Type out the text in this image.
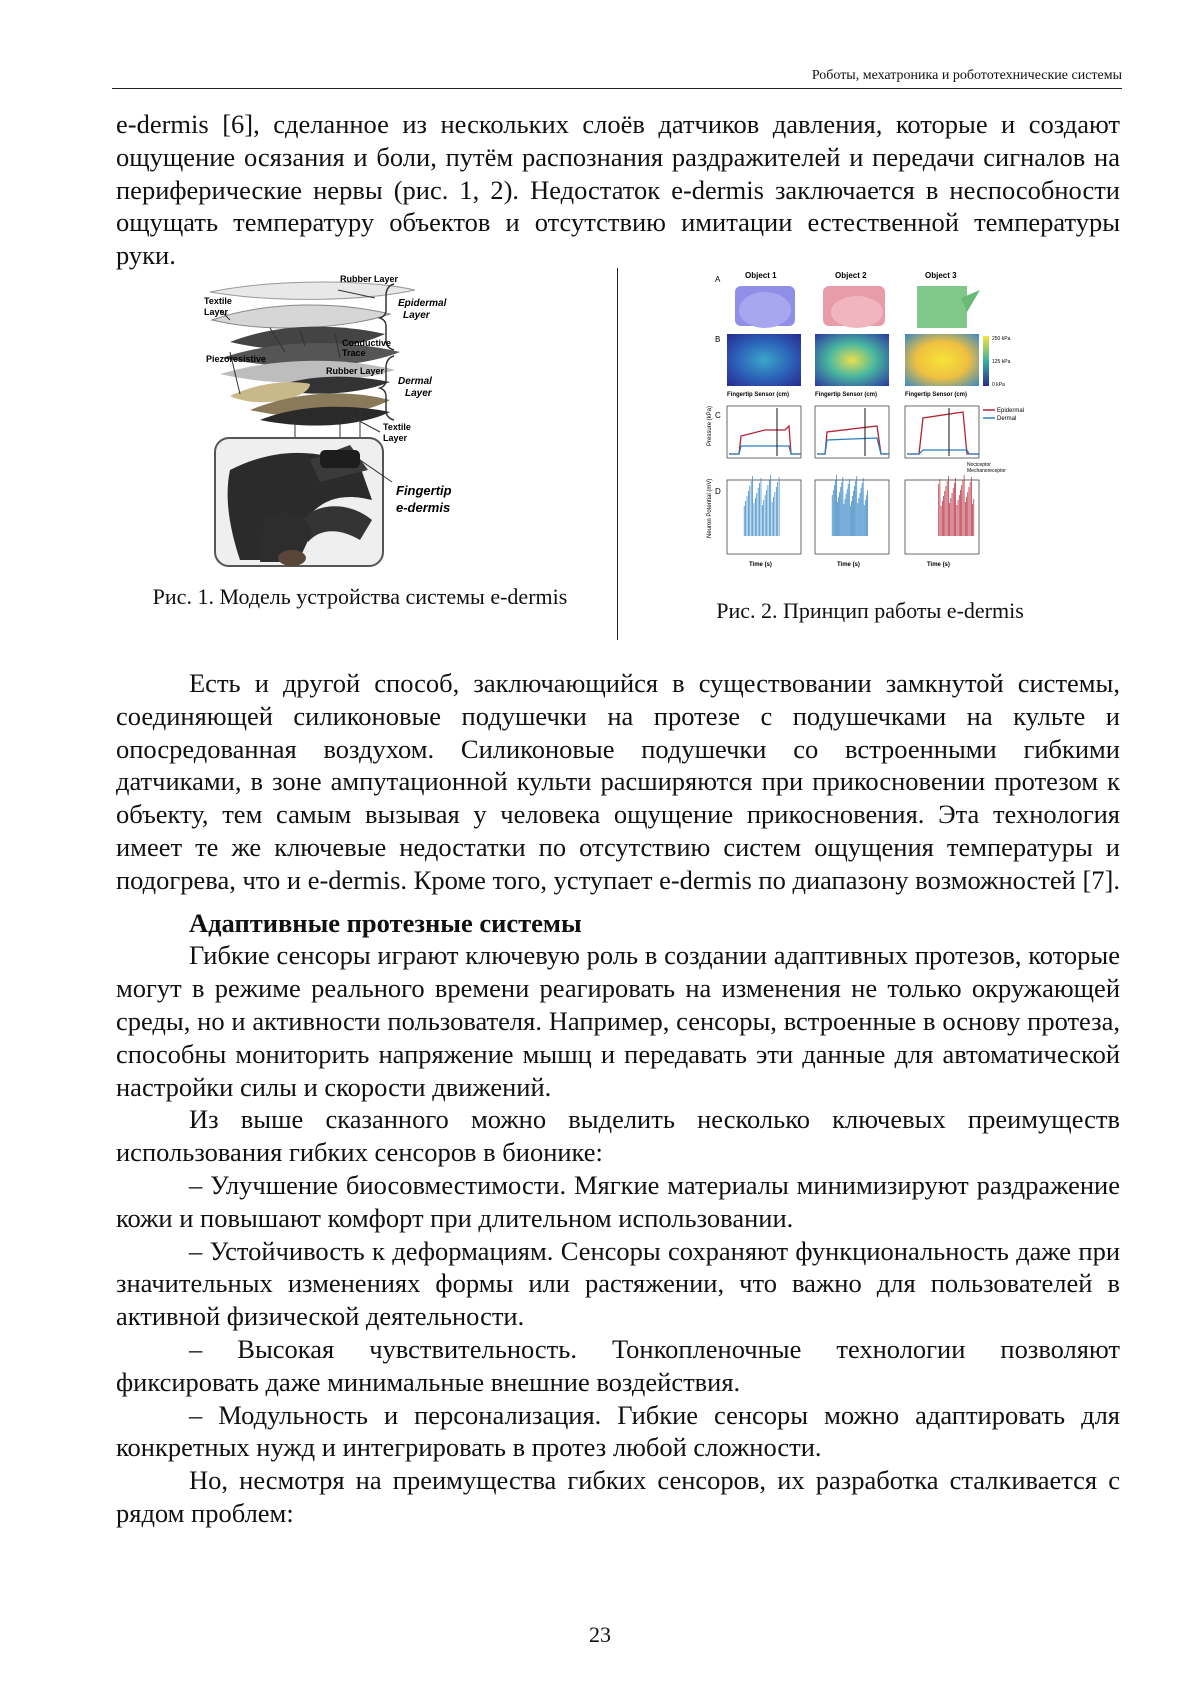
Роботы, мехатроника и робототехнические системы

e-dermis [6], сделанное из нескольких слоёв датчиков давления, которые и создают ощущение осязания и боли, путём распознания раздражителей и передачи сигналов на периферические нервы (рис. 1, 2). Недостаток e-dermis заключается в неспособности ощущать температуру объектов и отсутствию имитации естественной температуры руки.

Rubber Layer
Epidermal
Layer
Textile
Layer
Conductive
Trace
Piezoresistive
Rubber Layer
Dermal
Layer
Textile
Layer
Fingertip
e-dermis
A
B
C
D
Object 1	Object 2	Object 3
250 kPa
125 kPa
0 kPa
Fingertip Sensor (cm)	Fingertip Sensor (cm)	Fingertip Sensor (cm)
Pressure (kPa)	Epidermal
Dermal
Nociceptor
Mechanoreceptor
Neuron Potential (mV)
Time (s)	Time (s)	Time (s)
Рис. 1. Модель устройства системы e-dermis
Рис. 2. Принцип работы e-dermis

Есть и другой способ, заключающийся в существовании замкнутой системы, соединяющей силиконовые подушечки на протезе с подушечками на культе и опосредованная воздухом. Силиконовые подушечки со встроенными гибкими датчиками, в зоне ампутационной культи расширяются при прикосновении протезом к объекту, тем самым вызывая у человека ощущение прикосновения. Эта технология имеет те же ключевые недостатки по отсутствию систем ощущения температуры и подогрева, что и e-dermis. Кроме того, уступает e-dermis по диапазону возможностей [7].

Адаптивные протезные системы

Гибкие сенсоры играют ключевую роль в создании адаптивных протезов, которые могут в режиме реального времени реагировать на изменения не только окружающей среды, но и активности пользователя. Например, сенсоры, встроенные в основу протеза, способны мониторить напряжение мышц и передавать эти данные для автоматической настройки силы и скорости движений.

Из выше сказанного можно выделить несколько ключевых преимуществ использования гибких сенсоров в бионике:

– Улучшение биосовместимости. Мягкие материалы минимизируют раздражение кожи и повышают комфорт при длительном использовании.

– Устойчивость к деформациям. Сенсоры сохраняют функциональность даже при значительных изменениях формы или растяжении, что важно для пользователей в активной физической деятельности.

– Высокая чувствительность. Тонкопленочные технологии позволяют фиксировать даже минимальные внешние воздействия.

– Модульность и персонализация. Гибкие сенсоры можно адаптировать для конкретных нужд и интегрировать в протез любой сложности.

Но, несмотря на преимущества гибких сенсоров, их разработка сталкивается с рядом проблем:

23
